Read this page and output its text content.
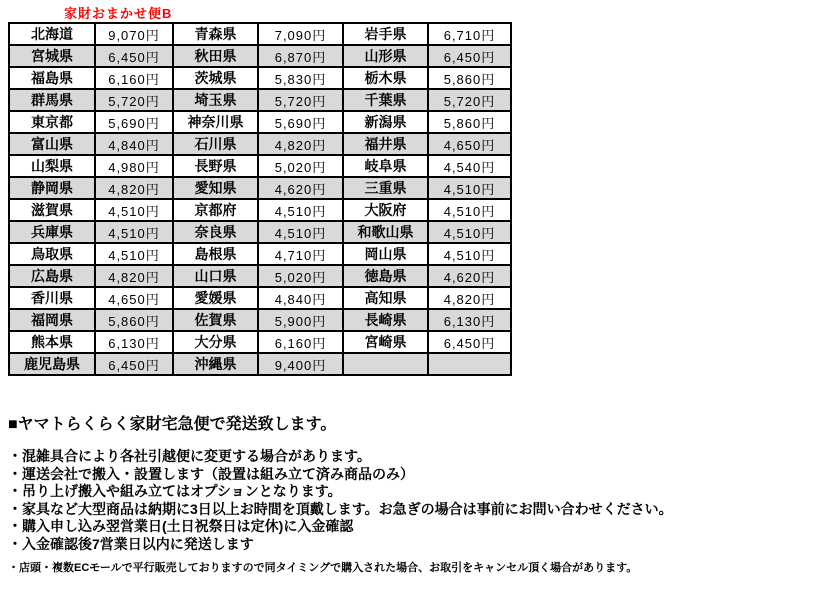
家財おまかせ便B
北海道	9,070円	青森県	7,090円	岩手県	6,710円
宮城県	6,450円	秋田県	6,870円	山形県	6,450円
福島県	6,160円	茨城県	5,830円	栃木県	5,860円
群馬県	5,720円	埼玉県	5,720円	千葉県	5,720円
東京都	5,690円	神奈川県	5,690円	新潟県	5,860円
富山県	4,840円	石川県	4,820円	福井県	4,650円
山梨県	4,980円	長野県	5,020円	岐阜県	4,540円
静岡県	4,820円	愛知県	4,620円	三重県	4,510円
滋賀県	4,510円	京都府	4,510円	大阪府	4,510円
兵庫県	4,510円	奈良県	4,510円	和歌山県	4,510円
鳥取県	4,510円	島根県	4,710円	岡山県	4,510円
広島県	4,820円	山口県	5,020円	徳島県	4,620円
香川県	4,650円	愛媛県	4,840円	高知県	4,820円
福岡県	5,860円	佐賀県	5,900円	長崎県	6,130円
熊本県	6,130円	大分県	6,160円	宮崎県	6,450円
鹿児島県	6,450円	沖縄県	9,400円		
■ヤマトらくらく家財宅急便で発送致します。
・混雑具合により各社引越便に変更する場合があります。
・運送会社で搬入・設置します（設置は組み立て済み商品のみ）
・吊り上げ搬入や組み立てはオプションとなります。
・家具など大型商品は納期に3日以上お時間を頂戴します。お急ぎの場合は事前にお問い合わせください。
・購入申し込み翌営業日(土日祝祭日は定休)に入金確認
・入金確認後7営業日以内に発送します
・店頭・複数ECモールで平行販売しておりますので同タイミングで購入された場合、お取引をキャンセル頂く場合があります。
